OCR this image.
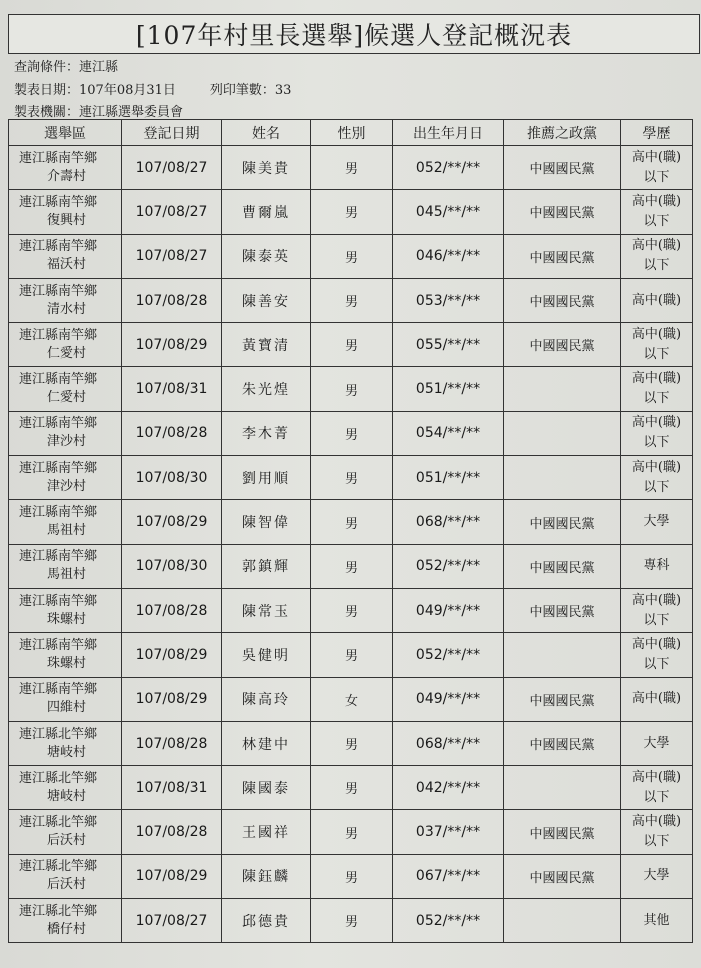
[107年村里長選舉]候選人登記概況表
查詢條件：連江縣
製表日期：107年08月31日	列印筆數：33
製表機關：連江縣選舉委員會
選舉區	登記日期	姓名	性別	出生年月日	推薦之政黨	學歷
連江縣南竿鄉
介壽村	107/08/27	陳美貴	男	052/**/**	中國國民黨	高中(職)
以下

連江縣南竿鄉
復興村	107/08/27	曹爾嵐	男	045/**/**	中國國民黨	高中(職)
以下

連江縣南竿鄉
福沃村	107/08/27	陳泰英	男	046/**/**	中國國民黨	高中(職)
以下

連江縣南竿鄉
清水村	107/08/28	陳善安	男	053/**/**	中國國民黨	高中(職)

連江縣南竿鄉
仁愛村	107/08/29	黃寶清	男	055/**/**	中國國民黨	高中(職)
以下

連江縣南竿鄉
仁愛村	107/08/31	朱光煌	男	051/**/**		高中(職)
以下

連江縣南竿鄉
津沙村	107/08/28	李木菁	男	054/**/**		高中(職)
以下

連江縣南竿鄉
津沙村	107/08/30	劉用順	男	051/**/**		高中(職)
以下

連江縣南竿鄉
馬祖村	107/08/29	陳智偉	男	068/**/**	中國國民黨	大學

連江縣南竿鄉
馬祖村	107/08/30	郭鎮輝	男	052/**/**	中國國民黨	專科

連江縣南竿鄉
珠螺村	107/08/28	陳常玉	男	049/**/**	中國國民黨	高中(職)
以下

連江縣南竿鄉
珠螺村	107/08/29	吳健明	男	052/**/**		高中(職)
以下

連江縣南竿鄉
四維村	107/08/29	陳高玲	女	049/**/**	中國國民黨	高中(職)

連江縣北竿鄉
塘岐村	107/08/28	林建中	男	068/**/**	中國國民黨	大學

連江縣北竿鄉
塘岐村	107/08/31	陳國泰	男	042/**/**		高中(職)
以下

連江縣北竿鄉
后沃村	107/08/28	王國祥	男	037/**/**	中國國民黨	高中(職)
以下

連江縣北竿鄉
后沃村	107/08/29	陳鈺麟	男	067/**/**	中國國民黨	大學

連江縣北竿鄉
橋仔村	107/08/27	邱德貴	男	052/**/**		其他
